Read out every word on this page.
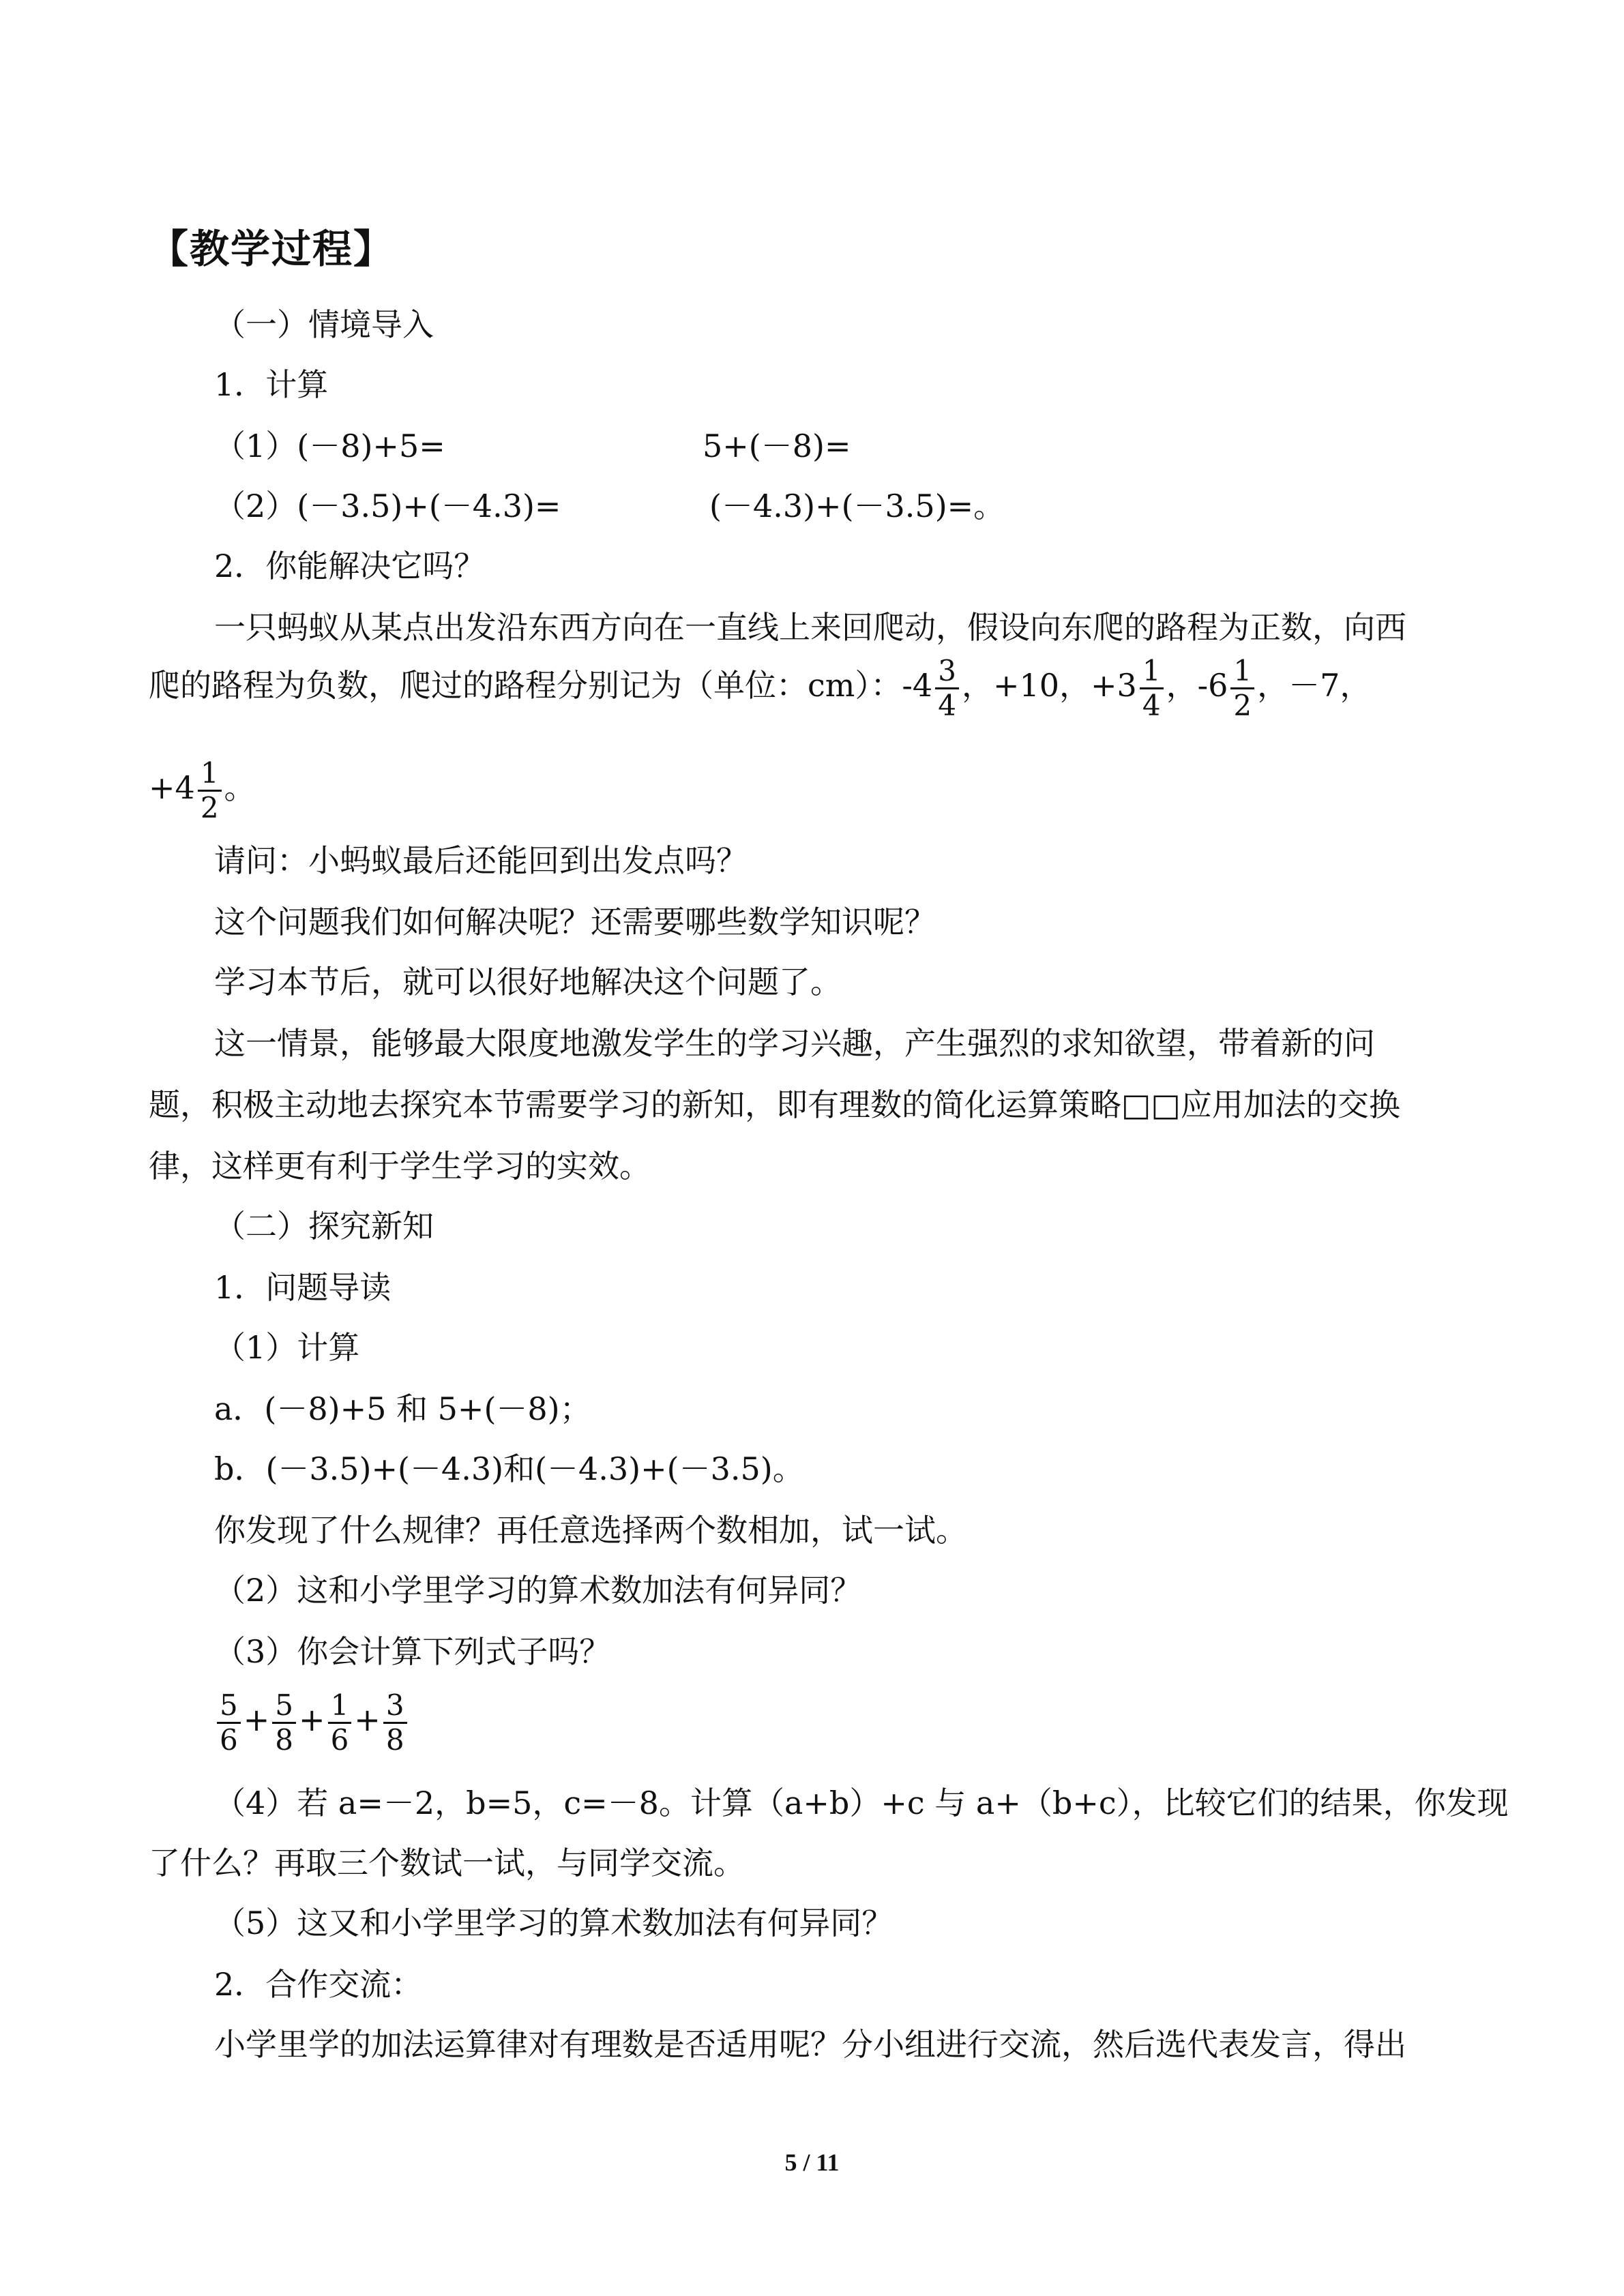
【教学过程】
（一）情境导入
1．计算
（1）(－8)+5=	5+(－8)=
（2）(－3.5)+(－4.3)=	(－4.3)+(－3.5)=。
2．你能解决它吗？
一只蚂蚁从某点出发沿东西方向在一直线上来回爬动，假设向东爬的路程为正数，向西
爬的路程为负数，爬过的路程分别记为（单位：cm）：$-4 \frac{3}{4}$ ，+10，$+3 \frac{1}{4}$ ，$-6 \frac{1}{2}$ ，－7，
$+4 \frac{1}{2}$ 。
请问：小蚂蚁最后还能回到出发点吗？
这个问题我们如何解决呢？还需要哪些数学知识呢？
学习本节后，就可以很好地解决这个问题了。
这一情景，能够最大限度地激发学生的学习兴趣，产生强烈的求知欲望，带着新的问
题，积极主动地去探究本节需要学习的新知，即有理数的简化运算策略□□应用加法的交换
律，这样更有利于学生学习的实效。
（二）探究新知
1．问题导读
（1）计算
a．(－8)+5 和 5+(－8)；
b．(－3.5)+(－4.3)和(－4.3)+(－3.5)。
你发现了什么规律？再任意选择两个数相加，试一试。
（2）这和小学里学习的算术数加法有何异同？
（3）你会计算下列式子吗？
$\frac{5}{6} + \frac{5}{8} + \frac{1}{6} + \frac{3}{8}$
（4）若 a=－2，b=5，c=－8。计算（a+b）+c 与 a+（b+c），比较它们的结果，你发现
了什么？再取三个数试一试，与同学交流。
（5）这又和小学里学习的算术数加法有何异同？
2．合作交流：
小学里学的加法运算律对有理数是否适用呢？分小组进行交流，然后选代表发言，得出
5 / 11
